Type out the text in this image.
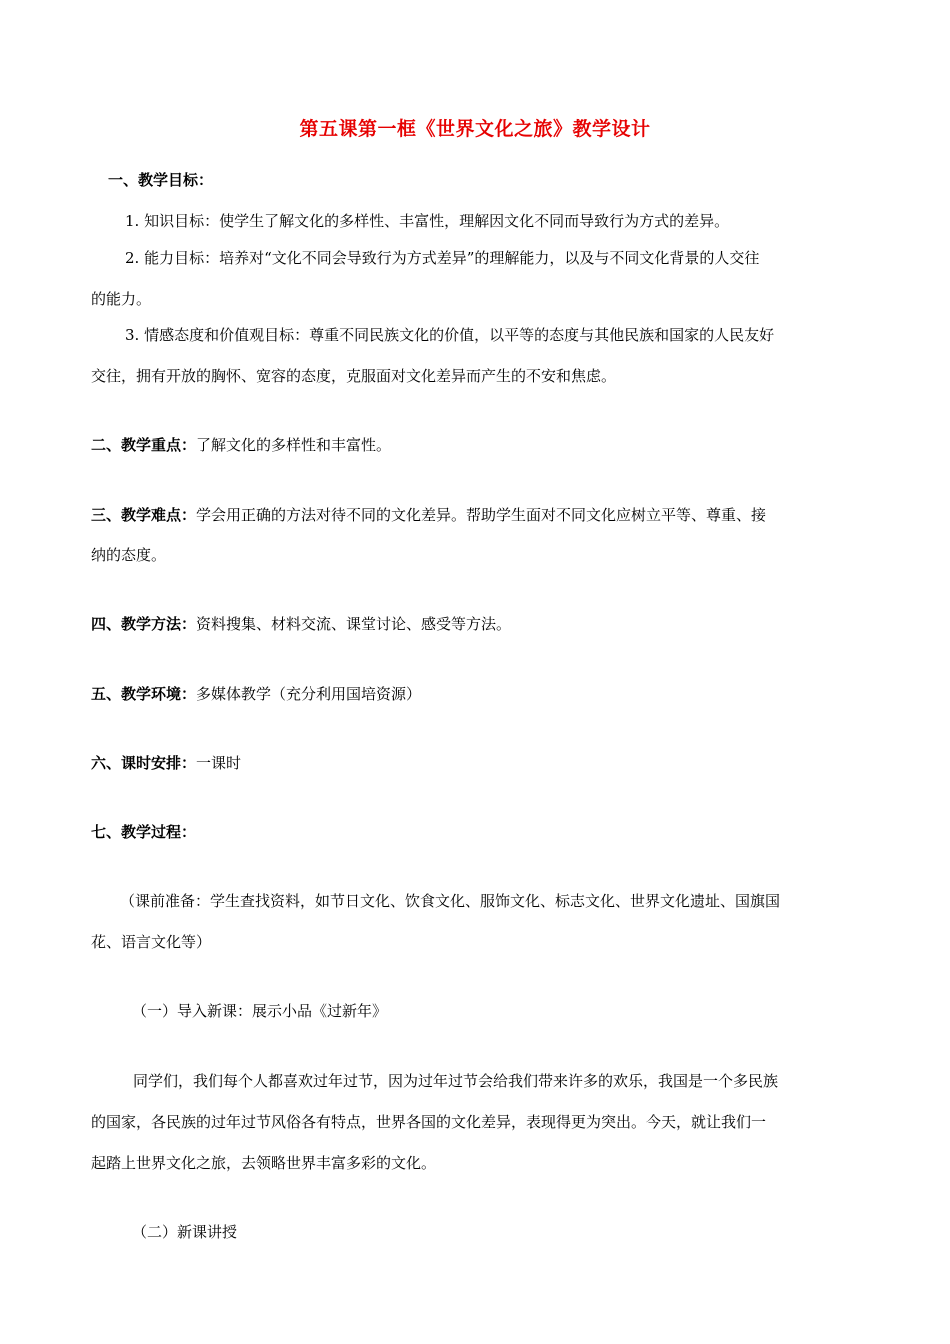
第五课第一框《世界文化之旅》教学设计
一、教学目标：
1. 知识目标：使学生了解文化的多样性、丰富性，理解因文化不同而导致行为方式的差异。
2. 能力目标：培养对“文化不同会导致行为方式差异”的理解能力，以及与不同文化背景的人交往
的能力。
3. 情感态度和价值观目标：尊重不同民族文化的价值，以平等的态度与其他民族和国家的人民友好
交往，拥有开放的胸怀、宽容的态度，克服面对文化差异而产生的不安和焦虑。
二、教学重点：了解文化的多样性和丰富性。
三、教学难点：学会用正确的方法对待不同的文化差异。帮助学生面对不同文化应树立平等、尊重、接
纳的态度。
四、教学方法：资料搜集、材料交流、课堂讨论、感受等方法。
五、教学环境：多媒体教学（充分利用国培资源）
六、课时安排：一课时
七、教学过程：
（课前准备：学生查找资料，如节日文化、饮食文化、服饰文化、标志文化、世界文化遗址、国旗国
花、语言文化等）
（一）导入新课：展示小品《过新年》
同学们，我们每个人都喜欢过年过节，因为过年过节会给我们带来许多的欢乐，我国是一个多民族
的国家，各民族的过年过节风俗各有特点，世界各国的文化差异，表现得更为突出。今天，就让我们一
起踏上世界文化之旅，去领略世界丰富多彩的文化。
（二）新课讲授
